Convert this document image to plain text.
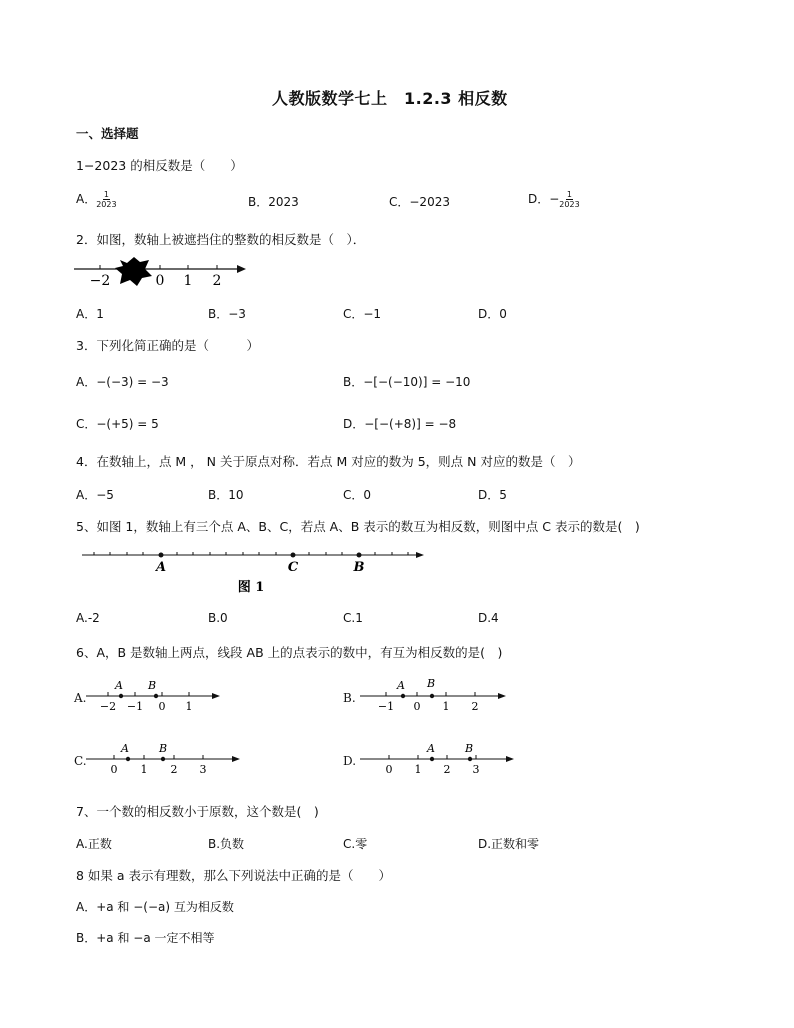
人教版数学七上　1.2.3 相反数
一、选择题
1−2023 的相反数是（　　）
A． $\frac{1}{2023}$	B．2023	C．−2023	D．− $\frac{1}{2023}$
2．如图，数轴上被遮挡住的整数的相反数是（　）．
−2	0 1 2
A．1	B．−3	C．−1	D．0
3．下列化简正确的是（　　　）
A．−(−3) = −3	B．−[−(−10)] = −10
C．−(+5) = 5	D．−[−(+8)] = −8
4．在数轴上，点 M ， N 关于原点对称．若点 M 对应的数为 5，则点 N 对应的数是（　）
A．−5	B．10	C．0	D．5
5、如图 1，数轴上有三个点 A、B、C，若点 A、B 表示的数互为相反数，则图中点 C 表示的数是(　)
A	C	B
图 1
A.-2	B.0	C.1	D.4
6、A，B 是数轴上两点，线段 AB 上的点表示的数中，有互为相反数的是(　)
A.
A B
−2 −1 0 1
B.
A B
−1 0 1 2
C.
A	B
0 1 2 3
D.
A	B
0 1 2 3
7、一个数的相反数小于原数，这个数是(　)
A.正数	B.负数	C.零	D.正数和零
8 如果 a 表示有理数，那么下列说法中正确的是（　　）
A．+a 和 −(−a) 互为相反数
B．+a 和 −a 一定不相等
